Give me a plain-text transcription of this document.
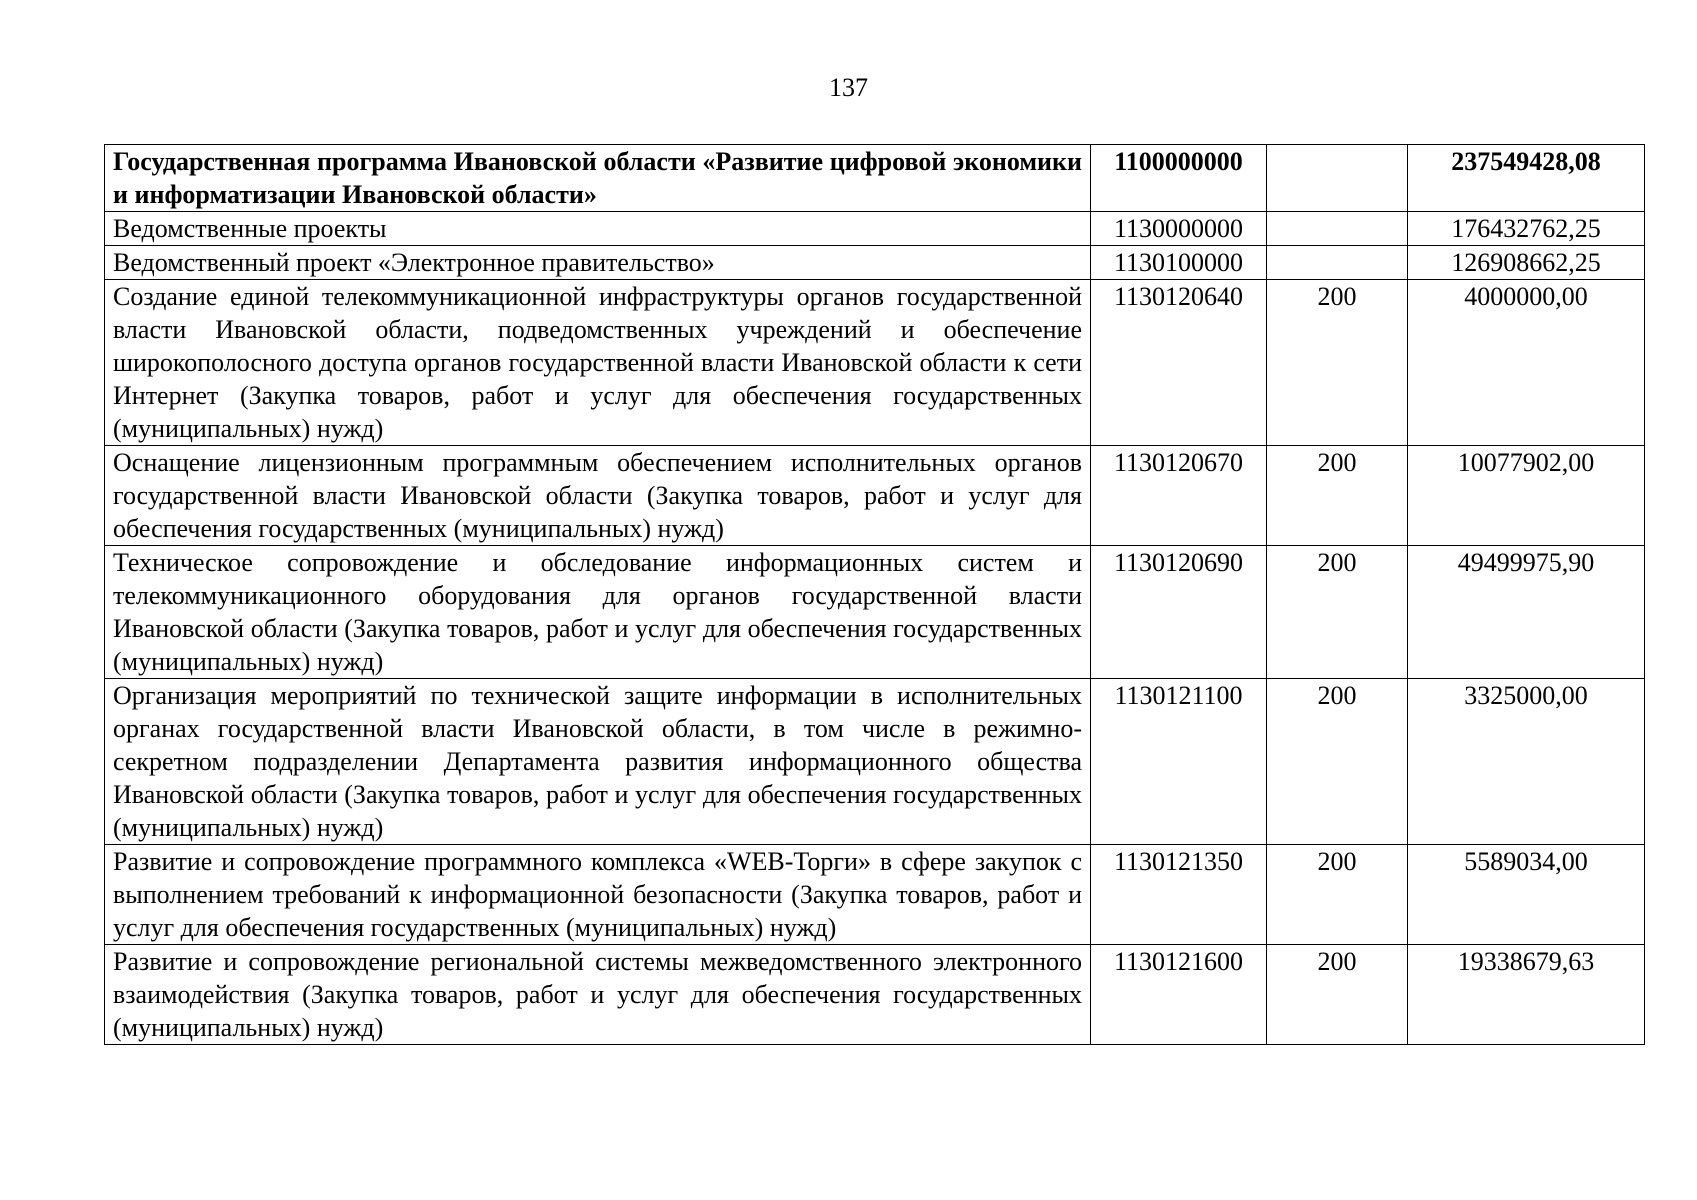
137
Государственная программа Ивановской области «Развитие цифровой экономики и информатизации Ивановской области»	1100000000		237549428,08
Ведомственные проекты	1130000000		176432762,25
Ведомственный проект «Электронное правительство»	1130100000		126908662,25
Создание единой телекоммуникационной инфраструктуры органов государственной власти Ивановской области, подведомственных учреждений и обеспечение широкополосного доступа органов государственной власти Ивановской области к сети Интернет (Закупка товаров, работ и услуг для обеспечения государственных (муниципальных) нужд)	1130120640	200	4000000,00
Оснащение лицензионным программным обеспечением исполнительных органов государственной власти Ивановской области (Закупка товаров, работ и услуг для обеспечения государственных (муниципальных) нужд)	1130120670	200	10077902,00
Техническое сопровождение и обследование информационных систем и телекоммуникационного оборудования для органов государственной власти Ивановской области (Закупка товаров, работ и услуг для обеспечения государственных (муниципальных) нужд)	1130120690	200	49499975,90
Организация мероприятий по технической защите информации в исполнительных органах государственной власти Ивановской области, в том числе в режимно-секретном подразделении Департамента развития информационного общества Ивановской области (Закупка товаров, работ и услуг для обеспечения государственных (муниципальных) нужд)	1130121100	200	3325000,00
Развитие и сопровождение программного комплекса «WEB-Торги» в сфере закупок с выполнением требований к информационной безопасности (Закупка товаров, работ и услуг для обеспечения государственных (муниципальных) нужд)	1130121350	200	5589034,00
Развитие и сопровождение региональной системы межведомственного электронного взаимодействия (Закупка товаров, работ и услуг для обеспечения государственных (муниципальных) нужд)	1130121600	200	19338679,63
